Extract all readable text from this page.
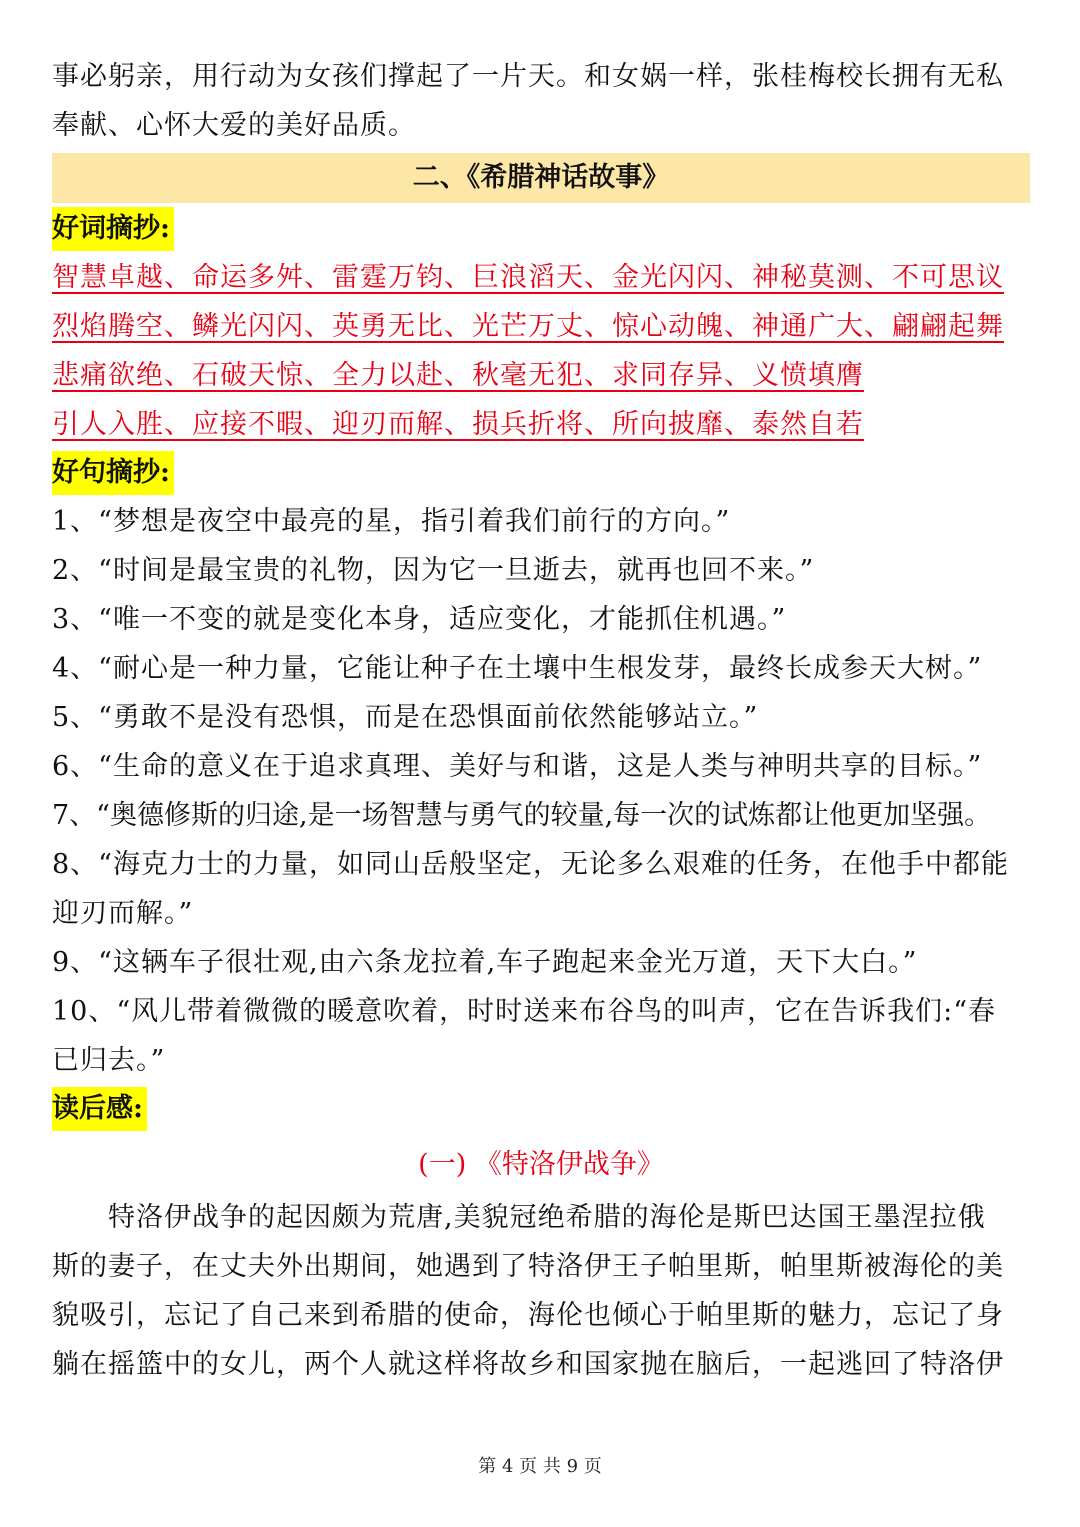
事必躬亲，用行动为女孩们撑起了一片天。和女娲一样，张桂梅校长拥有无私
奉献、心怀大爱的美好品质。
二、《希腊神话故事》
好词摘抄:
智慧卓越、命运多舛、雷霆万钧、巨浪滔天、金光闪闪、神秘莫测、不可思议
烈焰腾空、鳞光闪闪、英勇无比、光芒万丈、惊心动魄、神通广大、翩翩起舞
悲痛欲绝、石破天惊、全力以赴、秋毫无犯、求同存异、义愤填膺
引人入胜、应接不暇、迎刃而解、损兵折将、所向披靡、泰然自若
好句摘抄:
1、“梦想是夜空中最亮的星，指引着我们前行的方向。”
2、“时间是最宝贵的礼物，因为它一旦逝去，就再也回不来。”
3、“唯一不变的就是变化本身，适应变化，才能抓住机遇。”
4、“耐心是一种力量，它能让种子在土壤中生根发芽，最终长成参天大树。”
5、“勇敢不是没有恐惧，而是在恐惧面前依然能够站立。”
6、“生命的意义在于追求真理、美好与和谐，这是人类与神明共享的目标。”
7、“奥德修斯的归途,是一场智慧与勇气的较量,每一次的试炼都让他更加坚强。
8、“海克力士的力量，如同山岳般坚定，无论多么艰难的任务，在他手中都能
迎刃而解。”
9、“这辆车子很壮观,由六条龙拉着,车子跑起来金光万道，天下大白。”
10、“风儿带着微微的暖意吹着，时时送来布谷鸟的叫声，它在告诉我们:“春
已归去。”
读后感:
(一) 《特洛伊战争》
特洛伊战争的起因颇为荒唐,美貌冠绝希腊的海伦是斯巴达国王墨涅拉俄
斯的妻子，在丈夫外出期间，她遇到了特洛伊王子帕里斯，帕里斯被海伦的美
貌吸引，忘记了自己来到希腊的使命，海伦也倾心于帕里斯的魅力，忘记了身
躺在摇篮中的女儿，两个人就这样将故乡和国家抛在脑后，一起逃回了特洛伊
第 4 页 共 9 页
